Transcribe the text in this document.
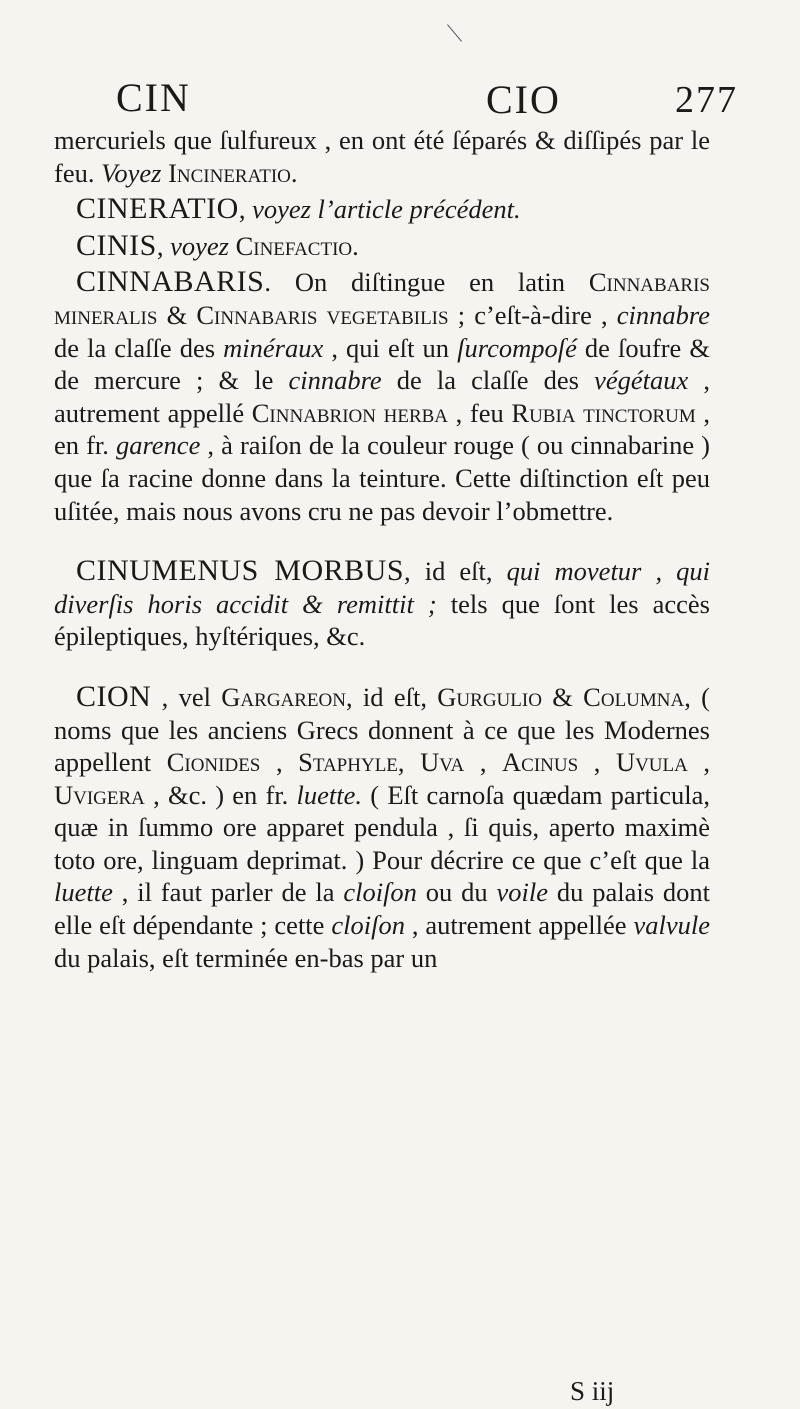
CIN	CIO	277

mercuriels que ſulfureux , en ont été ſéparés & diſſipés par le feu. Voyez Incineratio.

CINERATIO, voyez l’article précédent.

CINIS, voyez Cinefactio.

CINNABARIS. On diſtingue en latin Cinnabaris mineralis & Cinnabaris vegetabilis ; c’eſt-à-dire , cinnabre de la claſſe des minéraux , qui eſt un ſurcompoſé de ſoufre & de mercure ; & le cinnabre de la claſſe des végétaux , autrement appellé Cinnabrion herba , feu Rubia tinctorum , en fr. garence , à raiſon de la couleur rouge ( ou cinnabarine ) que ſa racine donne dans la teinture. Cette diſtinction eſt peu uſitée, mais nous avons cru ne pas devoir l’obmettre.

CINUMENUS MORBUS, id eſt, qui movetur , qui diverſis horis accidit & remittit ; tels que ſont les accès épileptiques, hyſtériques, &c.

CION , vel Gargareon, id eſt, Gurgulio & Columna, ( noms que les anciens Grecs donnent à ce que les Modernes appellent Cionides , Staphyle, Uva , Acinus , Uvula , Uvigera , &c. ) en fr. luette. ( Eſt carnoſa quædam particula, quæ in ſummo ore apparet pendula , ſi quis, aperto maximè toto ore, linguam deprimat. ) Pour décrire ce que c’eſt que la luette , il faut parler de la cloiſon ou du voile du palais dont elle eſt dépendante ; cette cloiſon , autrement appellée valvule du palais, eſt terminée en-bas par un

S iij
